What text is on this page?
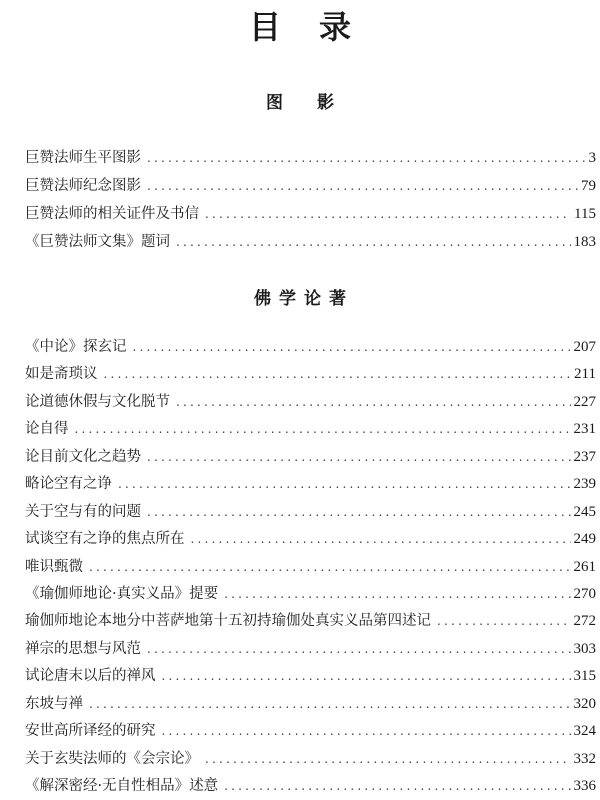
目录
图影
巨赞法师生平图影 .....	3
巨赞法师纪念图影 .....	79
巨赞法师的相关证件及书信 .....	115
《巨赞法师文集》题词 .....	183
佛学论著
《中论》探玄记 .....	207
如是斋琐议 .....	211
论道德休假与文化脱节 .....	227
论自得 .....	231
论目前文化之趋势 .....	237
略论空有之诤 .....	239
关于空与有的问题 .....	245
试谈空有之诤的焦点所在 .....	249
唯识甄微 .....	261
《瑜伽师地论·真实义品》提要 .....	270
瑜伽师地论本地分中菩萨地第十五初持瑜伽处真实义品第四述记 .....	272
禅宗的思想与风范 .....	303
试论唐末以后的禅风 .....	315
东坡与禅 .....	320
安世高所译经的研究 .....	324
关于玄奘法师的《会宗论》 .....	332
《解深密经·无自性相品》述意 .....	336
